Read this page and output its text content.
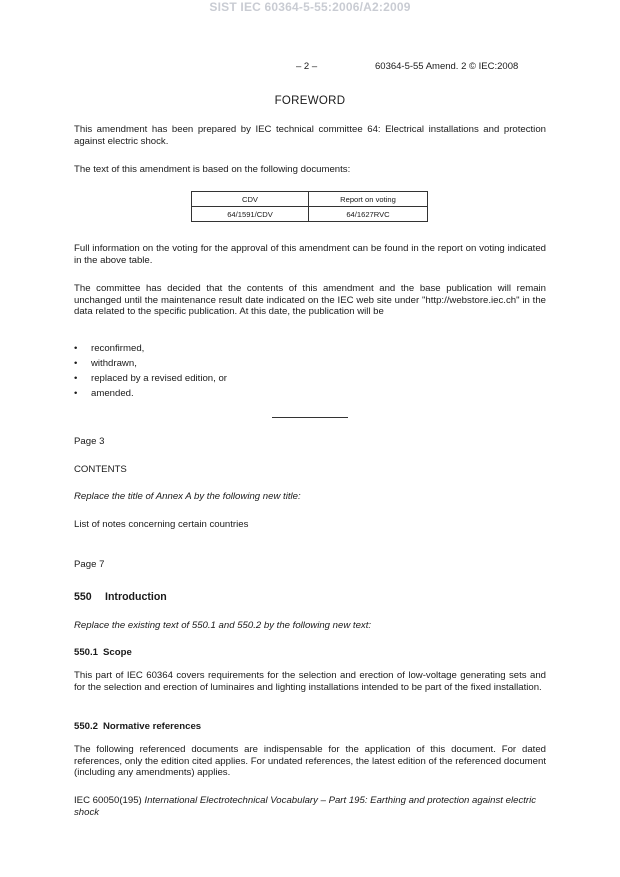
SIST IEC 60364-5-55:2006/A2:2009
– 2 –	60364-5-55 Amend. 2 © IEC:2008
FOREWORD
This amendment has been prepared by IEC technical committee 64: Electrical installations and protection against electric shock.
The text of this amendment is based on the following documents:
CDV	Report on voting
64/1591/CDV	64/1627RVC
Full information on the voting for the approval of this amendment can be found in the report on voting indicated in the above table.
The committee has decided that the contents of this amendment and the base publication will remain unchanged until the maintenance result date indicated on the IEC web site under "http://webstore.iec.ch" in the data related to the specific publication. At this date, the publication will be
• reconfirmed,
• withdrawn,
• replaced by a revised edition, or
• amended.
Page 3
CONTENTS
Replace the title of Annex A by the following new title:
List of notes concerning certain countries
Page 7
550 Introduction
Replace the existing text of 550.1 and 550.2 by the following new text:
550.1 Scope
This part of IEC 60364 covers requirements for the selection and erection of low-voltage generating sets and for the selection and erection of luminaires and lighting installations intended to be part of the fixed installation.
550.2 Normative references
The following referenced documents are indispensable for the application of this document. For dated references, only the edition cited applies. For undated references, the latest edition of the referenced document (including any amendments) applies.
IEC 60050(195) International Electrotechnical Vocabulary – Part 195: Earthing and protection against electric shock
